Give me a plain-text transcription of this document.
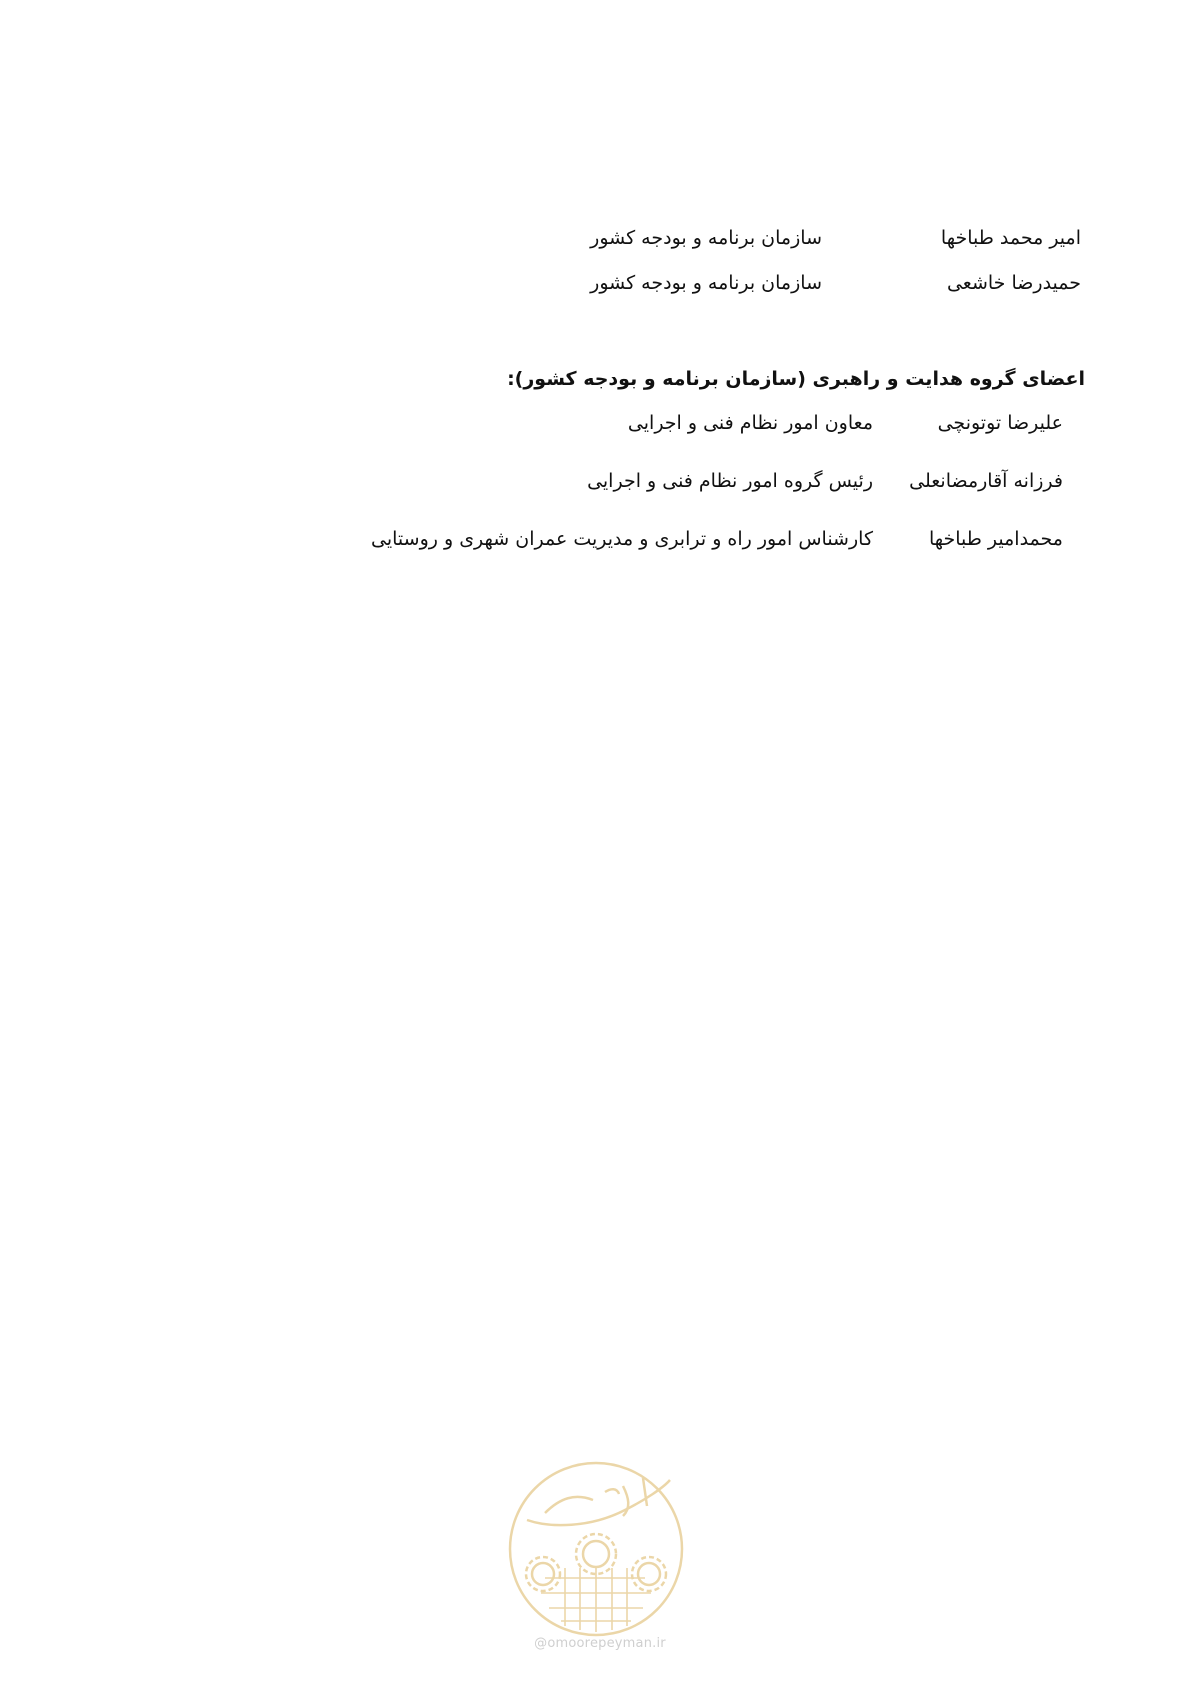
امیر محمد طباخها
سازمان برنامه و بودجه کشور
حمیدرضا خاشعی
سازمان برنامه و بودجه کشور
اعضای گروه هدایت و راهبری (سازمان برنامه و بودجه کشور):
علیرضا توتونچی
معاون امور نظام فنی و اجرایی
فرزانه آقارمضانعلی
رئیس گروه امور نظام فنی و اجرایی
محمدامیر طباخها
کارشناس امور راه و ترابری و مدیریت عمران شهری و روستایی
@omoorepeyman.ir
